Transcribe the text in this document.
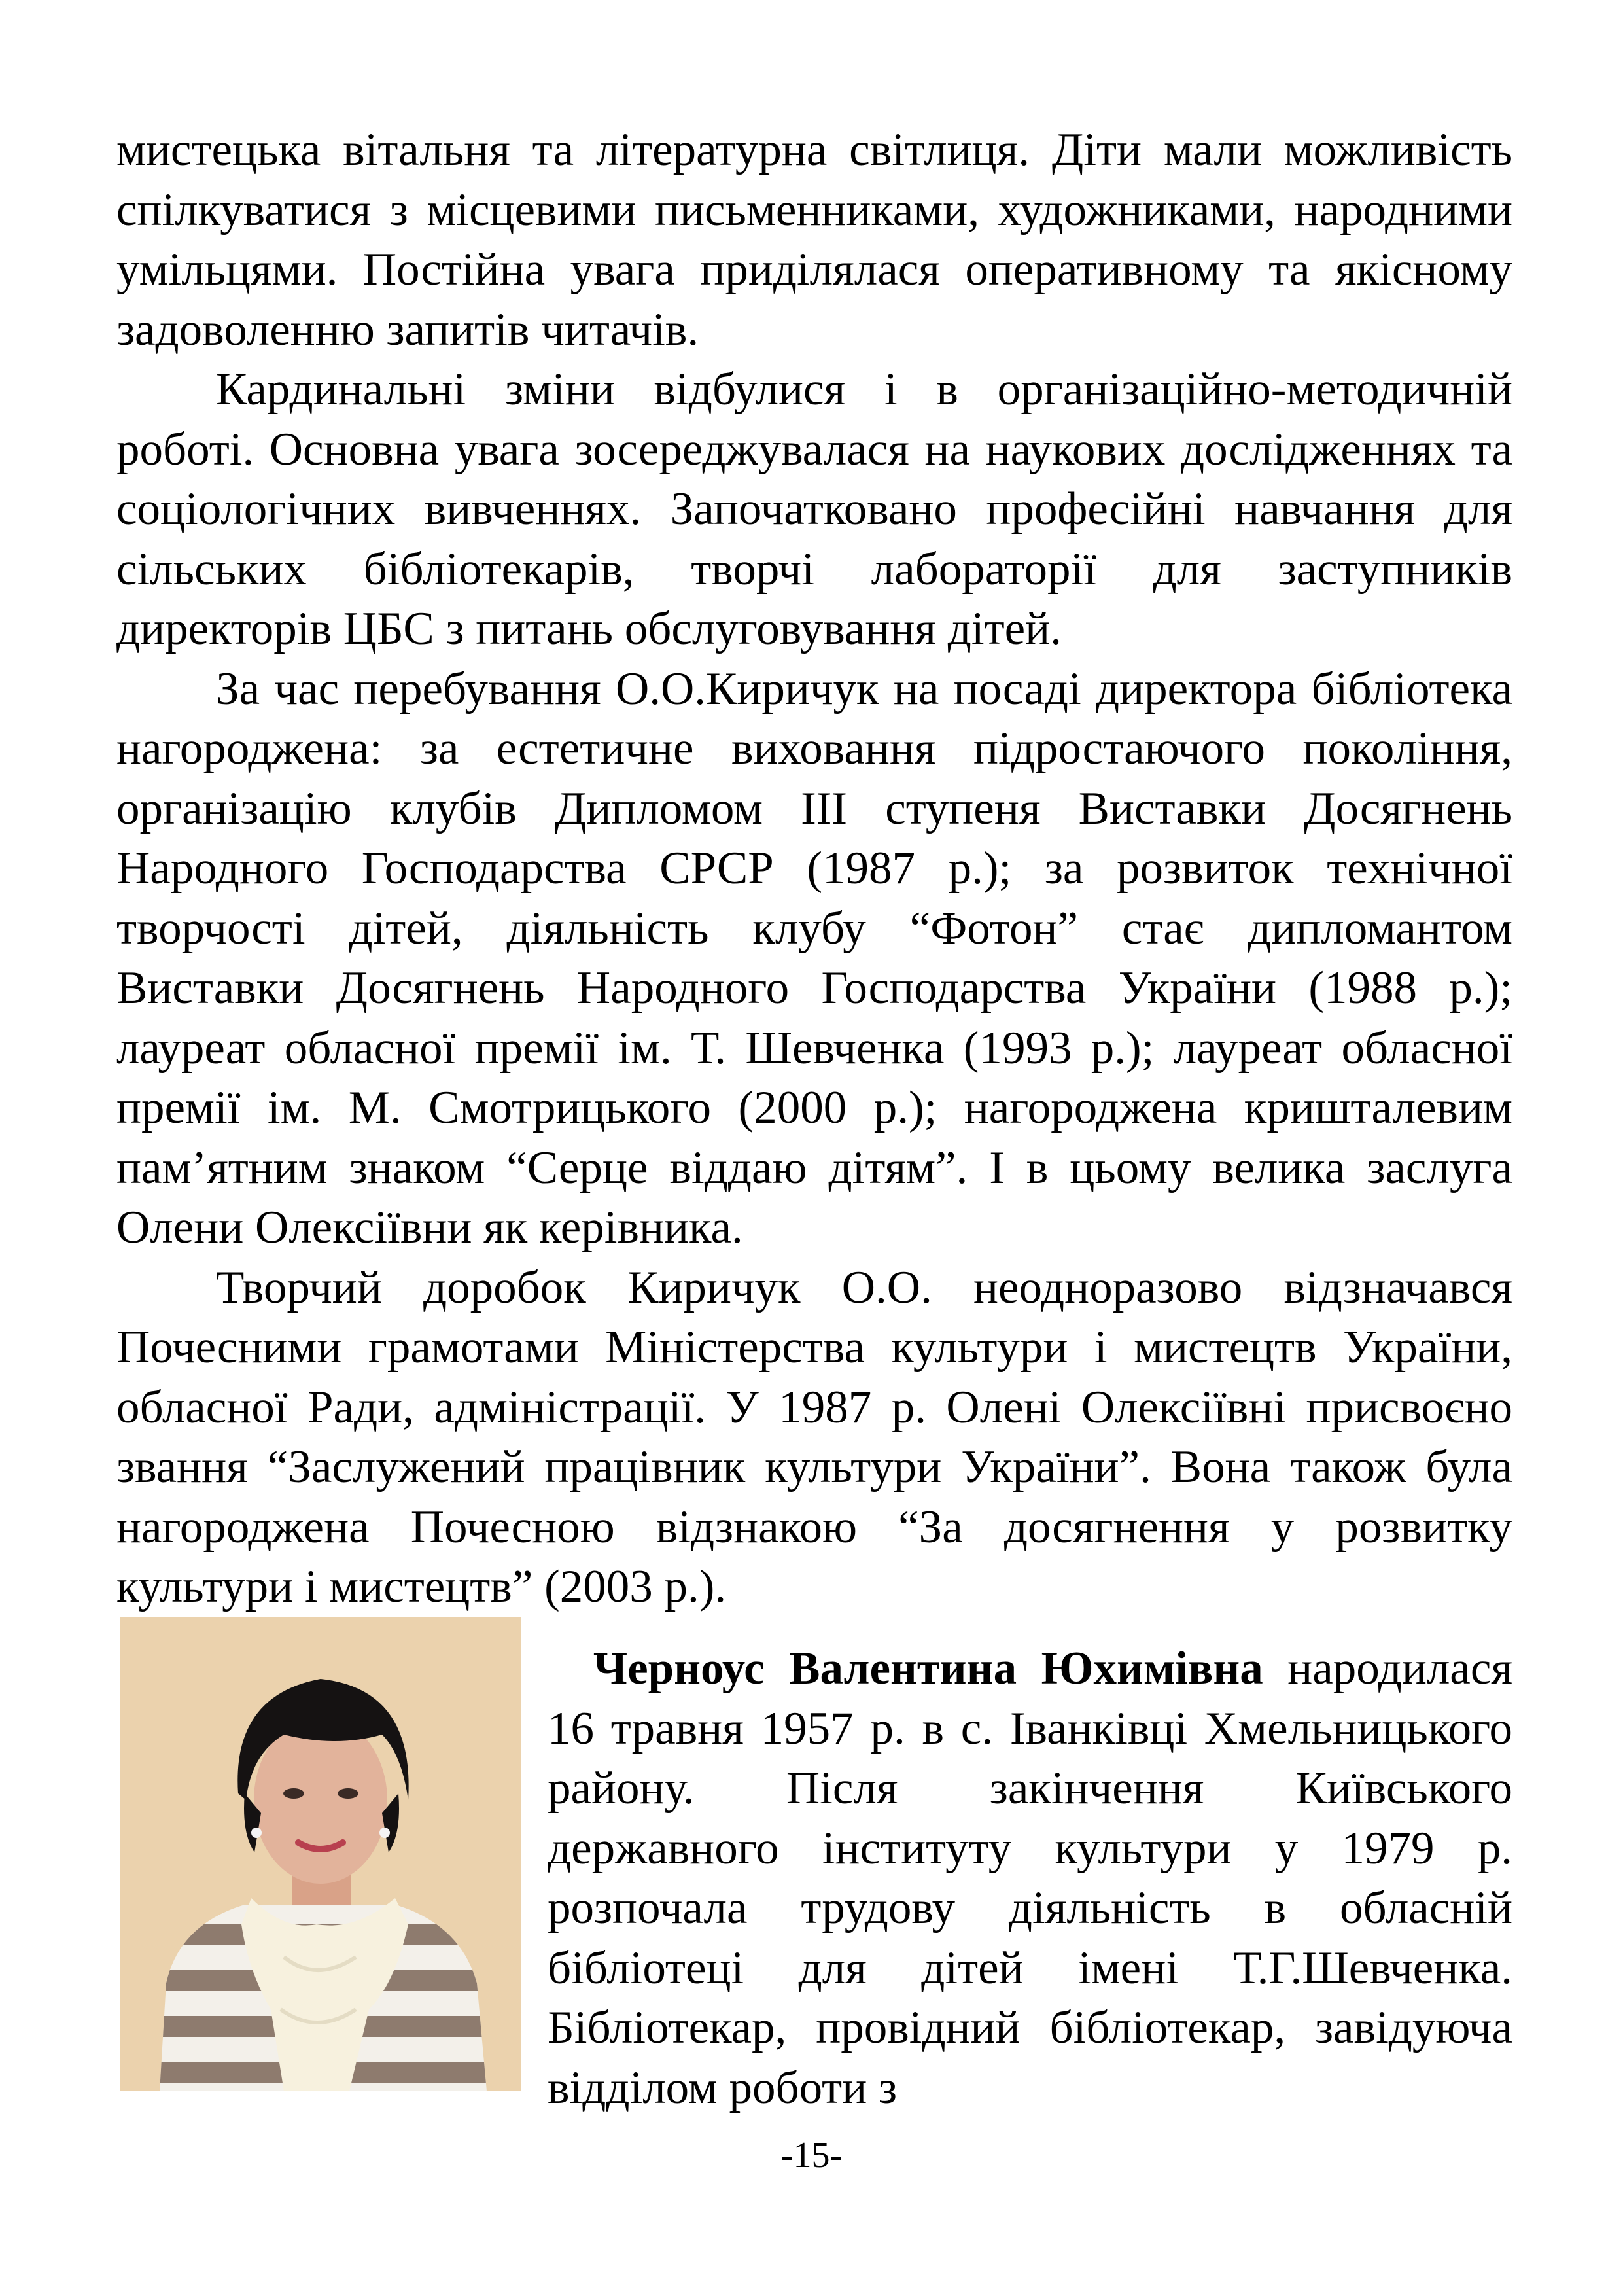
мистецька вітальня та літературна світлиця. Діти мали можливість спілкуватися з місцевими письменниками, художниками, народними умільцями. Постійна увага приділялася оперативному та якісному задоволенню запитів читачів.

Кардинальні зміни відбулися і в організаційно-методичній роботі. Основна увага зосереджувалася на наукових дослідженнях та соціологічних вивченнях. Започатковано професійні навчання для сільських бібліотекарів, творчі лабораторії для заступників директорів ЦБС з питань обслуговування дітей.

За час перебування О.О.Киричук на посаді директора бібліотека нагороджена: за естетичне виховання підростаючого покоління, організацію клубів Дипломом ІІІ ступеня Виставки Досягнень Народного Господарства СРСР (1987 р.); за розвиток технічної творчості дітей, діяльність клубу “Фотон” стає дипломантом Виставки Досягнень Народного Господарства України (1988 р.); лауреат обласної премії ім. Т. Шевченка (1993 р.); лауреат обласної премії ім. М. Смотрицького (2000 р.); нагороджена кришталевим пам’ятним знаком “Серце віддаю дітям”. І в цьому велика заслуга Олени Олексіївни як керівника.

Творчий доробок Киричук О.О. неодноразово відзначався Почесними грамотами Міністерства культури і мистецтв України, обласної Ради, адміністрації. У 1987 р. Олені Олексіївні присвоєно звання “Заслужений працівник культури України”. Вона також була нагороджена Почесною відзнакою “За досягнення у розвитку культури і мистецтв” (2003 р.).

Черноус Валентина Юхимівна народилася 16 травня 1957 р. в с. Іванківці Хмельницького району. Після закінчення Київського державного інституту культури у 1979 р. розпочала трудову діяльність в обласній бібліотеці для дітей імені Т.Г.Шевченка. Бібліотекар, провідний бібліотекар, завідуюча відділом роботи з

-15-
